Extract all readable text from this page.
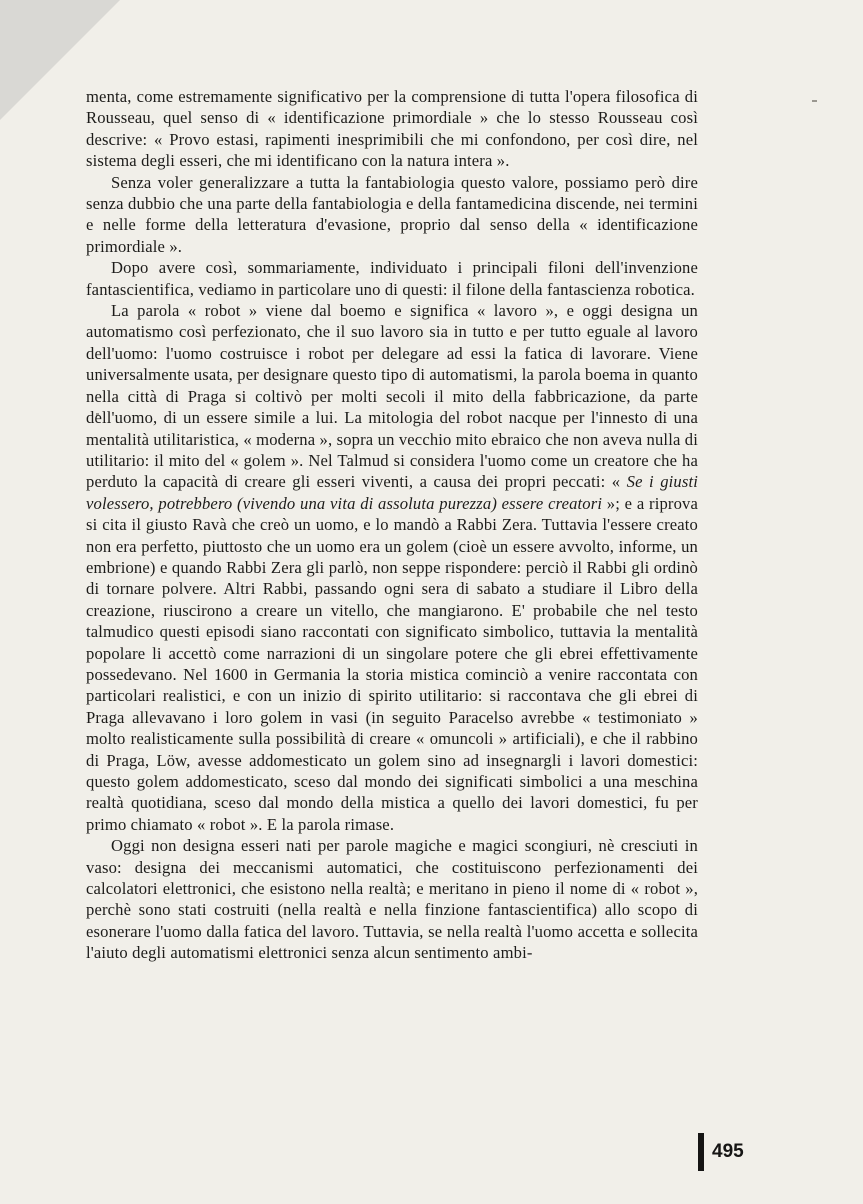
menta, come estremamente significativo per la comprensione di tutta l'opera filosofica di Rousseau, quel senso di « identificazione primordiale » che lo stesso Rousseau così descrive: « Provo estasi, rapimenti inesprimibili che mi confondono, per così dire, nel sistema degli esseri, che mi identificano con la natura intera ».

Senza voler generalizzare a tutta la fantabiologia questo valore, possiamo però dire senza dubbio che una parte della fantabiologia e della fantamedicina discende, nei termini e nelle forme della letteratura d'evasione, proprio dal senso della « identificazione primordiale ».

Dopo avere così, sommariamente, individuato i principali filoni dell'invenzione fantascientifica, vediamo in particolare uno di questi: il filone della fantascienza robotica.

La parola « robot » viene dal boemo e significa « lavoro », e oggi designa un automatismo così perfezionato, che il suo lavoro sia in tutto e per tutto eguale al lavoro dell'uomo: l'uomo costruisce i robot per delegare ad essi la fatica di lavorare. Viene universalmente usata, per designare questo tipo di automatismi, la parola boema in quanto nella città di Praga si coltivò per molti secoli il mito della fabbricazione, da parte dell'uomo, di un essere simile a lui. La mitologia del robot nacque per l'innesto di una mentalità utilitaristica, « moderna », sopra un vecchio mito ebraico che non aveva nulla di utilitario: il mito del « golem ». Nel Talmud si considera l'uomo come un creatore che ha perduto la capacità di creare gli esseri viventi, a causa dei propri peccati: « Se i giusti volessero, potrebbero (vivendo una vita di assoluta purezza) essere creatori »; e a riprova si cita il giusto Ravà che creò un uomo, e lo mandò a Rabbi Zera. Tuttavia l'essere creato non era perfetto, piuttosto che un uomo era un golem (cioè un essere avvolto, informe, un embrione) e quando Rabbi Zera gli parlò, non seppe rispondere: perciò il Rabbi gli ordinò di tornare polvere. Altri Rabbi, passando ogni sera di sabato a studiare il Libro della creazione, riuscirono a creare un vitello, che mangiarono. E' probabile che nel testo talmudico questi episodi siano raccontati con significato simbolico, tuttavia la mentalità popolare li accettò come narrazioni di un singolare potere che gli ebrei effettivamente possedevano. Nel 1600 in Germania la storia mistica cominciò a venire raccontata con particolari realistici, e con un inizio di spirito utilitario: si raccontava che gli ebrei di Praga allevavano i loro golem in vasi (in seguito Paracelso avrebbe « testimoniato » molto realisticamente sulla possibilità di creare « omuncoli » artificiali), e che il rabbino di Praga, Löw, avesse addomesticato un golem sino ad insegnargli i lavori domestici: questo golem addomesticato, sceso dal mondo dei significati simbolici a una meschina realtà quotidiana, sceso dal mondo della mistica a quello dei lavori domestici, fu per primo chiamato « robot ». E la parola rimase.

Oggi non designa esseri nati per parole magiche e magici scongiuri, nè cresciuti in vaso: designa dei meccanismi automatici, che costituiscono perfezionamenti dei calcolatori elettronici, che esistono nella realtà; e meritano in pieno il nome di « robot », perchè sono stati costruiti (nella realtà e nella finzione fantascientifica) allo scopo di esonerare l'uomo dalla fatica del lavoro. Tuttavia, se nella realtà l'uomo accetta e sollecita l'aiuto degli automatismi elettronici senza alcun sentimento ambi-

495
